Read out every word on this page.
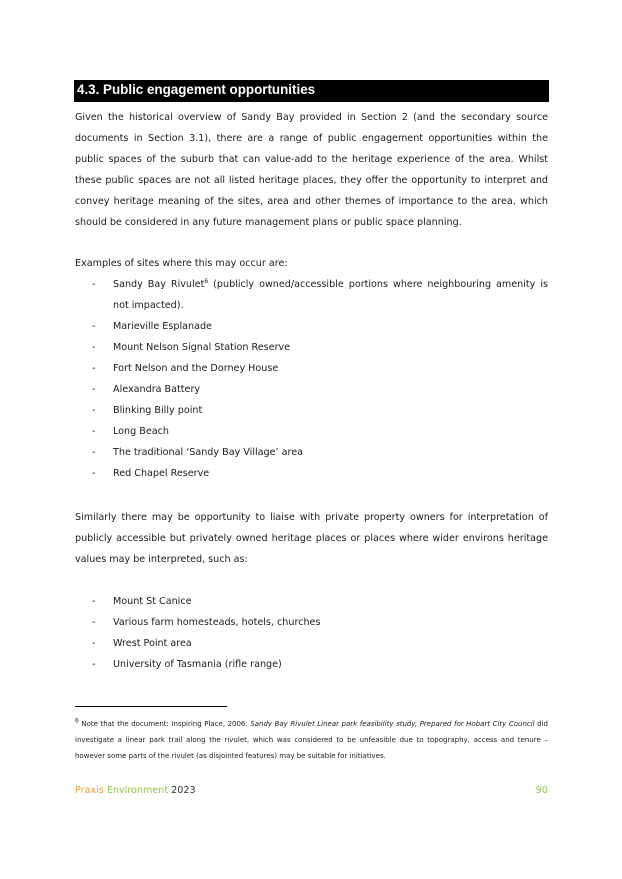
4.3. Public engagement opportunities

Given the historical overview of Sandy Bay provided in Section 2 (and the secondary source documents in Section 3.1), there are a range of public engagement opportunities within the public spaces of the suburb that can value-add to the heritage experience of the area. Whilst these public spaces are not all listed heritage places, they offer the opportunity to interpret and convey heritage meaning of the sites, area and other themes of importance to the area, which should be considered in any future management plans or public space planning.

Examples of sites where this may occur are:

- Sandy Bay Rivulet$^6$ (publicly owned/accessible portions where neighbouring amenity is not impacted).
- Marieville Esplanade
- Mount Nelson Signal Station Reserve
- Fort Nelson and the Dorney House
- Alexandra Battery
- Blinking Billy point
- Long Beach
- The traditional ‘Sandy Bay Village’ area
- Red Chapel Reserve

Similarly there may be opportunity to liaise with private property owners for interpretation of publicly accessible but privately owned heritage places or places where wider environs heritage values may be interpreted, such as:

- Mount St Canice
- Various farm homesteads, hotels, churches
- Wrest Point area
- University of Tasmania (rifle range)

$^6$ Note that the document: Inspiring Place, 2006: Sandy Bay Rivulet Linear park feasibility study, Prepared for Hobart City Council did investigate a linear park trail along the rivulet, which was considered to be unfeasible due to topography, access and tenure – however some parts of the rivulet (as disjointed features) may be suitable for initiatives.

Praxis Environment 2023	90
